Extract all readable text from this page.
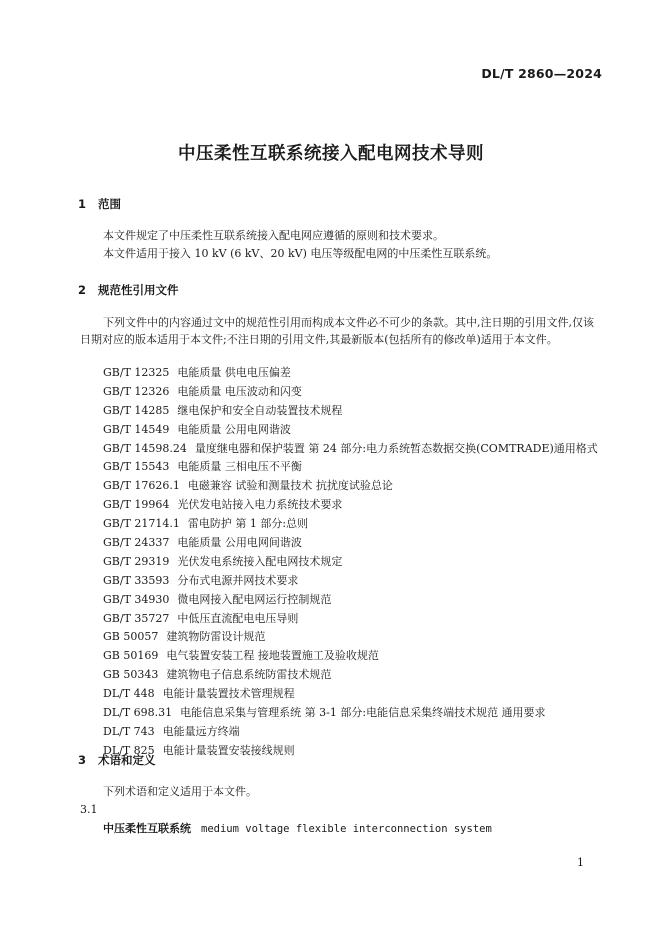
DL/T 2860—2024
中压柔性互联系统接入配电网技术导则
1 范围
本文件规定了中压柔性互联系统接入配电网应遵循的原则和技术要求。
本文件适用于接入 10 kV (6 kV、20 kV) 电压等级配电网的中压柔性互联系统。
2 规范性引用文件
下列文件中的内容通过文中的规范性引用而构成本文件必不可少的条款。其中,注日期的引用文件,仅该日期对应的版本适用于本文件;不注日期的引用文件,其最新版本(包括所有的修改单)适用于本文件。
GB/T 12325 电能质量 供电电压偏差
GB/T 12326 电能质量 电压波动和闪变
GB/T 14285 继电保护和安全自动装置技术规程
GB/T 14549 电能质量 公用电网谐波
GB/T 14598.24 量度继电器和保护装置 第 24 部分:电力系统暂态数据交换(COMTRADE)通用格式
GB/T 15543 电能质量 三相电压不平衡
GB/T 17626.1 电磁兼容 试验和测量技术 抗扰度试验总论
GB/T 19964 光伏发电站接入电力系统技术要求
GB/T 21714.1 雷电防护 第 1 部分:总则
GB/T 24337 电能质量 公用电网间谐波
GB/T 29319 光伏发电系统接入配电网技术规定
GB/T 33593 分布式电源并网技术要求
GB/T 34930 微电网接入配电网运行控制规范
GB/T 35727 中低压直流配电电压导则
GB 50057 建筑物防雷设计规范
GB 50169 电气装置安装工程 接地装置施工及验收规范
GB 50343 建筑物电子信息系统防雷技术规范
DL/T 448 电能计量装置技术管理规程
DL/T 698.31 电能信息采集与管理系统 第 3-1 部分:电能信息采集终端技术规范 通用要求
DL/T 743 电能量远方终端
DL/T 825 电能计量装置安装接线规则
3 术语和定义
下列术语和定义适用于本文件。
3.1
中压柔性互联系统 medium voltage flexible interconnection system
1
